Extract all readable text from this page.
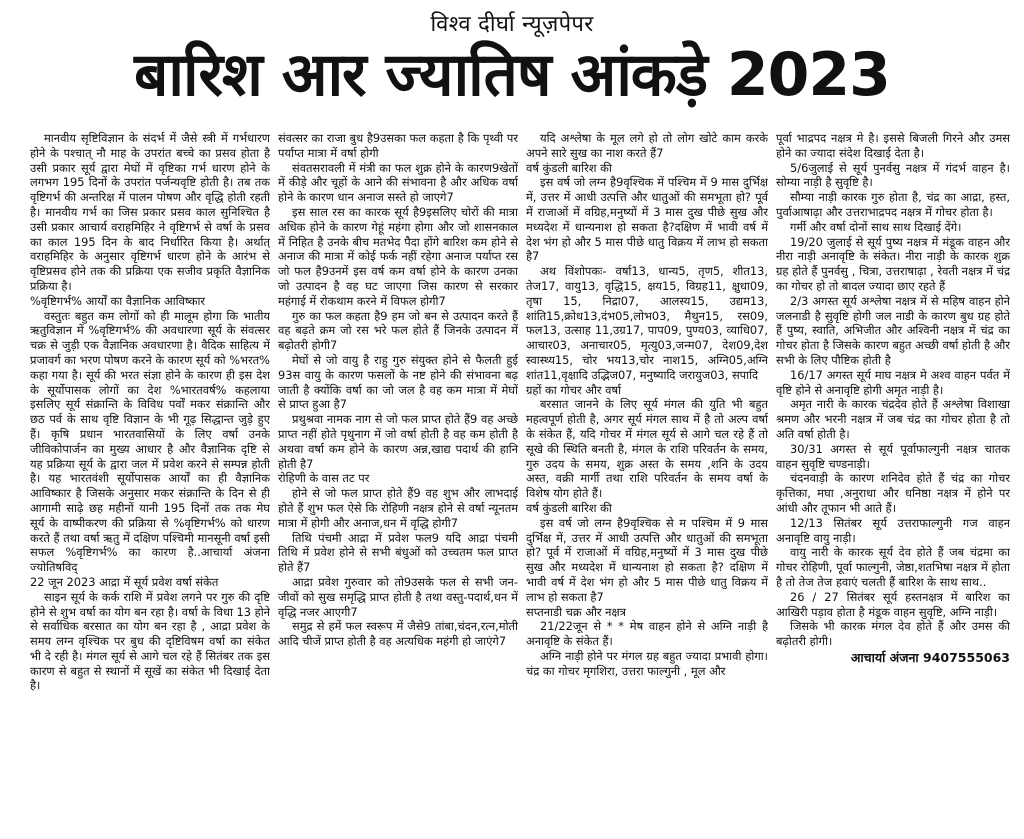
विश्व दीर्घा न्यूज़पेपर
बारिश आर ज्यातिष आंकड़े 2023

मानवीय सृष्टिविज्ञान के संदर्भ में जैसे स्त्री में गर्भधारण होने के पश्चात् नौ माह के उपरांत बच्चे का प्रसव होता है उसी प्रकार सूर्य द्वारा मेघों में वृष्टिका गर्भ धारण होने के लगभग 195 दिनों के उपरांत पर्जन्यवृष्टि होती है। तब तक वृष्टिगर्भ की अन्तरिक्ष में पालन पोषण और वृद्धि होती रहती है। मानवीय गर्भ का जिस प्रकार प्रसव काल सुनिश्चित है उसी प्रकार आचार्य वराहमिहिर ने वृष्टिगर्भ से वर्षा के प्रसव का काल 195 दिन के बाद निर्धारित किया है। अर्थात् वराहमिहिर के अनुसार वृष्टिगर्भ धारण होने के आरंभ से वृष्टिप्रसव होने तक की प्रक्रिया एक सजीव प्रकृति वैज्ञानिक प्रक्रिया है।

%वृष्टिगर्भ% आर्यों का वैज्ञानिक आविष्कार

वस्तुतः बहुत कम लोगों को ही मालूम होगा कि भातीय ऋतुविज्ञान में %वृष्टिगर्भ% की अवधारणा सूर्य के संवत्सर चक्र से जुड़ी एक वैज्ञानिक अवधारणा है। वैदिक साहित्य में प्रजावर्ग का भरण पोषण करने के कारण सूर्य को %भरत% कहा गया है। सूर्य की भरत संज्ञा होने के कारण ही इस देश के सूर्योपासक लोगों का देश %भारतवर्ष% कहलाया इसलिए सूर्य संक्रान्ति के विविध पर्वों मकर संक्रान्ति और छठ पर्व के साथ वृष्टि विज्ञान के भी गूढ़ सिद्धान्त जुड़े हुए हैं। कृषि प्रधान भारतवासियों के लिए वर्षा उनके जीविकोपार्जन का मुख्य आधार है और वैज्ञानिक दृष्टि से यह प्रक्रिया सूर्य के द्वारा जल में प्रवेश करने से सम्पन्न होती है। यह भारतवंशी सूर्योपासक आर्यों का ही वैज्ञानिक आविष्कार है जिसके अनुसार मकर संक्रान्ति के दिन से ही आगामी साढ़े छह महीनों यानी 195 दिनों तक तक मेघ सूर्य के वाष्पीकरण की प्रक्रिया से %वृष्टिगर्भ% को धारण करते हैं तथा वर्षा ऋतु में दक्षिण पश्चिमी मानसूनी वर्षा इसी सफल %वृष्टिगर्भ% का कारण है..आचार्या अंजना ज्योतिषविद्

22 जून 2023 आद्रा में सूर्य प्रवेश वर्षा संकेत

साइन सूर्य के कर्क राशि में प्रवेश लगने पर गुरु की दृष्टि होने से शुभ वर्षा का योग बन रहा है। वर्षा के विधा 13 होने से सर्वाधिक बरसात का योग बन रहा है , आद्रा प्रवेश के समय लग्न वृश्चिक पर बुध की दृष्टिविषम वर्षा का संकेत भी दे रही है। मंगल सूर्य से आगे चल रहे हैं सितंबर तक इस कारण से बहुत से स्थानों में सूखें का संकेत भी दिखाई देता है।

संवत्सर का राजा बुध है9उसका फल कहता है कि पृथ्वी पर पर्याप्त मात्रा में वर्षा होगी

संवतसरावली में मंत्री का फल शुक्र होने के कारण9खेतों में कीड़े और चूहों के आने की संभावना है और अधिक वर्षा होने के कारण धान अनाज सस्ते हो जाएगे7

इस साल रस का कारक सूर्य है9इसलिए चोरों की मात्रा अधिक होने के कारण गेहूं महंगा होगा और जो शासनकाल में निहित है उनके बीच मतभेद पैदा होंगे बारिश कम होने से अनाज की मात्रा में कोई फर्क नहीं रहेगा अनाज पर्याप्त रस जो फल है9उनमें इस वर्ष कम वर्षा होने के कारण उनका जो उत्पादन है वह घट जाएगा जिस कारण से सरकार महंगाई में रोकथाम करने में विफल होगी7

गुरु का फल कहता है9 हम जो बन से उत्पादन करते हैं वह बढ़ते क्रम जो रस भरे फल होते हैं जिनके उत्पादन में बढ़ोतरी होगी7

मेघों से जो वायु है राहु गुरु संयुक्त होने से फैलती हुई 93स वायु के कारण फसलों के नष्ट होने की संभावना बढ़ जाती है क्योंकि वर्षा का जो जल है वह कम मात्रा में मेघों से प्राप्त हुआ है7

प्रथुश्रवा नामक नाग से जो फल प्राप्त होते हैं9 वह अच्छे प्राप्त नहीं होते पृथुनाग में जो वर्षा होती है वह कम होती है अथवा वर्षा कम होने के कारण अन्न,खाद्य पदार्थ की हानि होती है7

रोहिणी के वास तट पर

होने से जो फल प्राप्त होते हैं9 वह शुभ और लाभदाई होते हैं शुभ फल ऐसे कि रोहिणी नक्षत्र होने से वर्षा न्यूनतम मात्रा में होगी और अनाज,धन में वृद्धि होगी7

तिथि पंचमी आद्रा में प्रवेश फल9 यदि आद्रा पंचमी तिथि में प्रवेश होने से सभी बंधुओं को उच्चतम फल प्राप्त होते हैं7

आद्रा प्रवेश गुरुवार को तो9उसके फल से सभी जन-जीवों को सुख समृद्धि प्राप्त होती है तथा वस्तु-पदार्थ,धन में वृद्धि नजर आएगी7

समुद्र से हमें फल स्वरूप में जैसे9 तांबा,चंदन,रत्न,मोती आदि चीजें प्राप्त होती है वह अत्यधिक महंगी हो जाएंगे7

यदि अश्लेषा के मूल लगे हो तो लोग खोटे काम करके अपने सारे सुख का नाश करते हैं7

वर्ष कुंडली बारिश की

इस वर्ष जो लग्न है9वृश्चिक में पश्चिम में 9 मास दुर्भिक्ष में, उत्तर में आधी उत्पत्ति और धातुओं की समभूता हो? पूर्व में राजाओं में वग्रिह,मनुष्यों में 3 मास दुख पीछे सुख और मध्यदेश में धान्यनाश हो सकता है?दक्षिण में भावी वर्ष में देश भंग हो और 5 मास पीछे धातु विक्रय में लाभ हो सकता है7

अथ विंशोपकः- वर्षा13, धान्य5, तृण5, शीत13, तेज17, वायु13, वृद्धि15, क्षय15, विग्रह11, क्षुधा09, तृषा 15, निद्रा07, आलस्य15, उद्यम13, शांति15,क्रोध13,दंभ05,लोभ03, मैथुन15, रस09, फल13, उत्साह 11,उग्र17, पाप09, पुण्य03, व्याधि07, आचार03, अनाचार05, मृत्यु03,जन्म07, देश09,देश स्वास्थ्य15, चोर भय13,चोर नाश15, अग्नि05,अग्नि शांत11,वृक्षादि उद्भिज07, मनुष्यादि जरायुज03, सपादि

ग्रहों का गोचर और वर्षा

बरसात जानने के लिए सूर्य मंगल की युति भी बहुत महत्वपूर्ण होती है, अगर सूर्य मंगल साथ में है तो अल्प वर्षा के संकेत हैं, यदि गोचर में मंगल सूर्य से आगे चल रहे हैं तो सूखे की स्थिति बनती है, मंगल के राशि परिवर्तन के समय, गुरु उदय के समय, शुक्र अस्त के समय ,शनि के उदय अस्त, वक्री मार्गी तथा राशि परिवर्तन के समय वर्षा के विशेष योग होते हैं।

वर्ष कुंडली बारिश की

इस वर्ष जो लग्न है9वृश्चिक से म पश्चिम में 9 मास दुर्भिक्ष में, उत्तर में आधी उत्पत्ति और धातुओं की समभूता हो? पूर्व में राजाओं में वग्रिह,मनुष्यों में 3 मास दुख पीछे सुख और मध्यदेश में धान्यनाश हो सकता है? दक्षिण में भावी वर्ष में देश भंग हो और 5 मास पीछे धातु विक्रय में लाभ हो सकता है7

सप्तनाडी चक्र और नक्षत्र

21/22जून से * * मेष वाहन होने से अग्नि नाड़ी है अनावृष्टि के संकेत हैं।

अग्नि नाड़ी होने पर मंगल ग्रह बहुत ज्यादा प्रभावी होगा। चंद्र का गोचर मृगशिरा, उत्तरा फाल्गुनी , मूल और

पूर्वा भाद्रपद नक्षत्र मे है। इससे बिजली गिरने और उमस होने का ज्यादा संदेश दिखाई देता है।

5/6जुलाई से सूर्य पुनर्वसु नक्षत्र में गंदर्भ वाहन है। सोम्या नाड़ी है सुवृष्टि है।

सौम्या नाड़ी कारक गुरु होता है, चंद्र का आद्रा, हस्त, पुर्वाआषाढ़ा और उत्तराभाद्रपद नक्षत्र में गोचर होता है।

गर्मी और वर्षा दोनों साथ साथ दिखाई देंगे।

19/20 जुलाई से सूर्य पुष्य नक्षत्र में मंडूक वाहन और नीरा नाड़ी अनावृष्टि के संकेत। नीरा नाड़ी के कारक शुक्र ग्रह होते हैं पुनर्वसु , चित्रा, उत्तराषाढ़ा , रेवती नक्षत्र में चंद्र का गोचर हो तो बादल ज्यादा छाए रहते हैं

2/3 अगस्त सूर्य अश्लेषा नक्षत्र में से महिष वाहन होने जलनाडी है सुवृष्टि होगी जल नाडी के कारण बुध ग्रह होते हैं पुष्य, स्वाति, अभिजीत और अश्विनी नक्षत्र में चंद्र का गोचर होता है जिसके कारण बहुत अच्छी वर्षा होती है और सभी के लिए पौष्टिक होती है

16/17 अगस्त सूर्य माघ नक्षत्र मे अश्व वाहन पर्वत में वृष्टि होने से अनावृष्टि होगी अमृत नाड़ी है।

अमृत नारी के कारक चंद्रदेव होते हैं अश्लेषा विशाखा श्रमण और भरनी नक्षत्र में जब चंद्र का गोचर होता है तो अति वर्षा होती है।

30/31 अगस्त से सूर्य पूर्वाफाल्गुनी नक्षत्र चातक वाहन सुवृष्टि चण्डनाड़ी।

चंदनवाड़ी के कारण शनिदेव होते हैं चंद्र का गोचर कृत्तिका, मघा ,अनुराधा और धनिष्ठा नक्षत्र में होने पर आंधी और तूफान भी आते हैं।

12/13 सितंबर सूर्य उत्तराफाल्गुनी गज वाहन अनावृष्टि वायु नाड़ी।

वायु नारी के कारक सूर्य देव होते हैं जब चंद्रमा का गोचर रोहिणी, पूर्वा फाल्गुनी, जेष्ठा,शतभिषा नक्षत्र में होता है तो तेज तेज हवाएं चलती हैं बारिश के साथ साथ..

26 / 27 सितंबर सूर्य हस्तनक्षत्र में बारिश का आखिरी पड़ाव होता है मंडूक वाहन सुवृष्टि, अग्नि नाड़ी।

जिसके भी कारक मंगल देव होते हैं और उमस की बढ़ोतरी होगी।

आचार्या अंजना 9407555063
